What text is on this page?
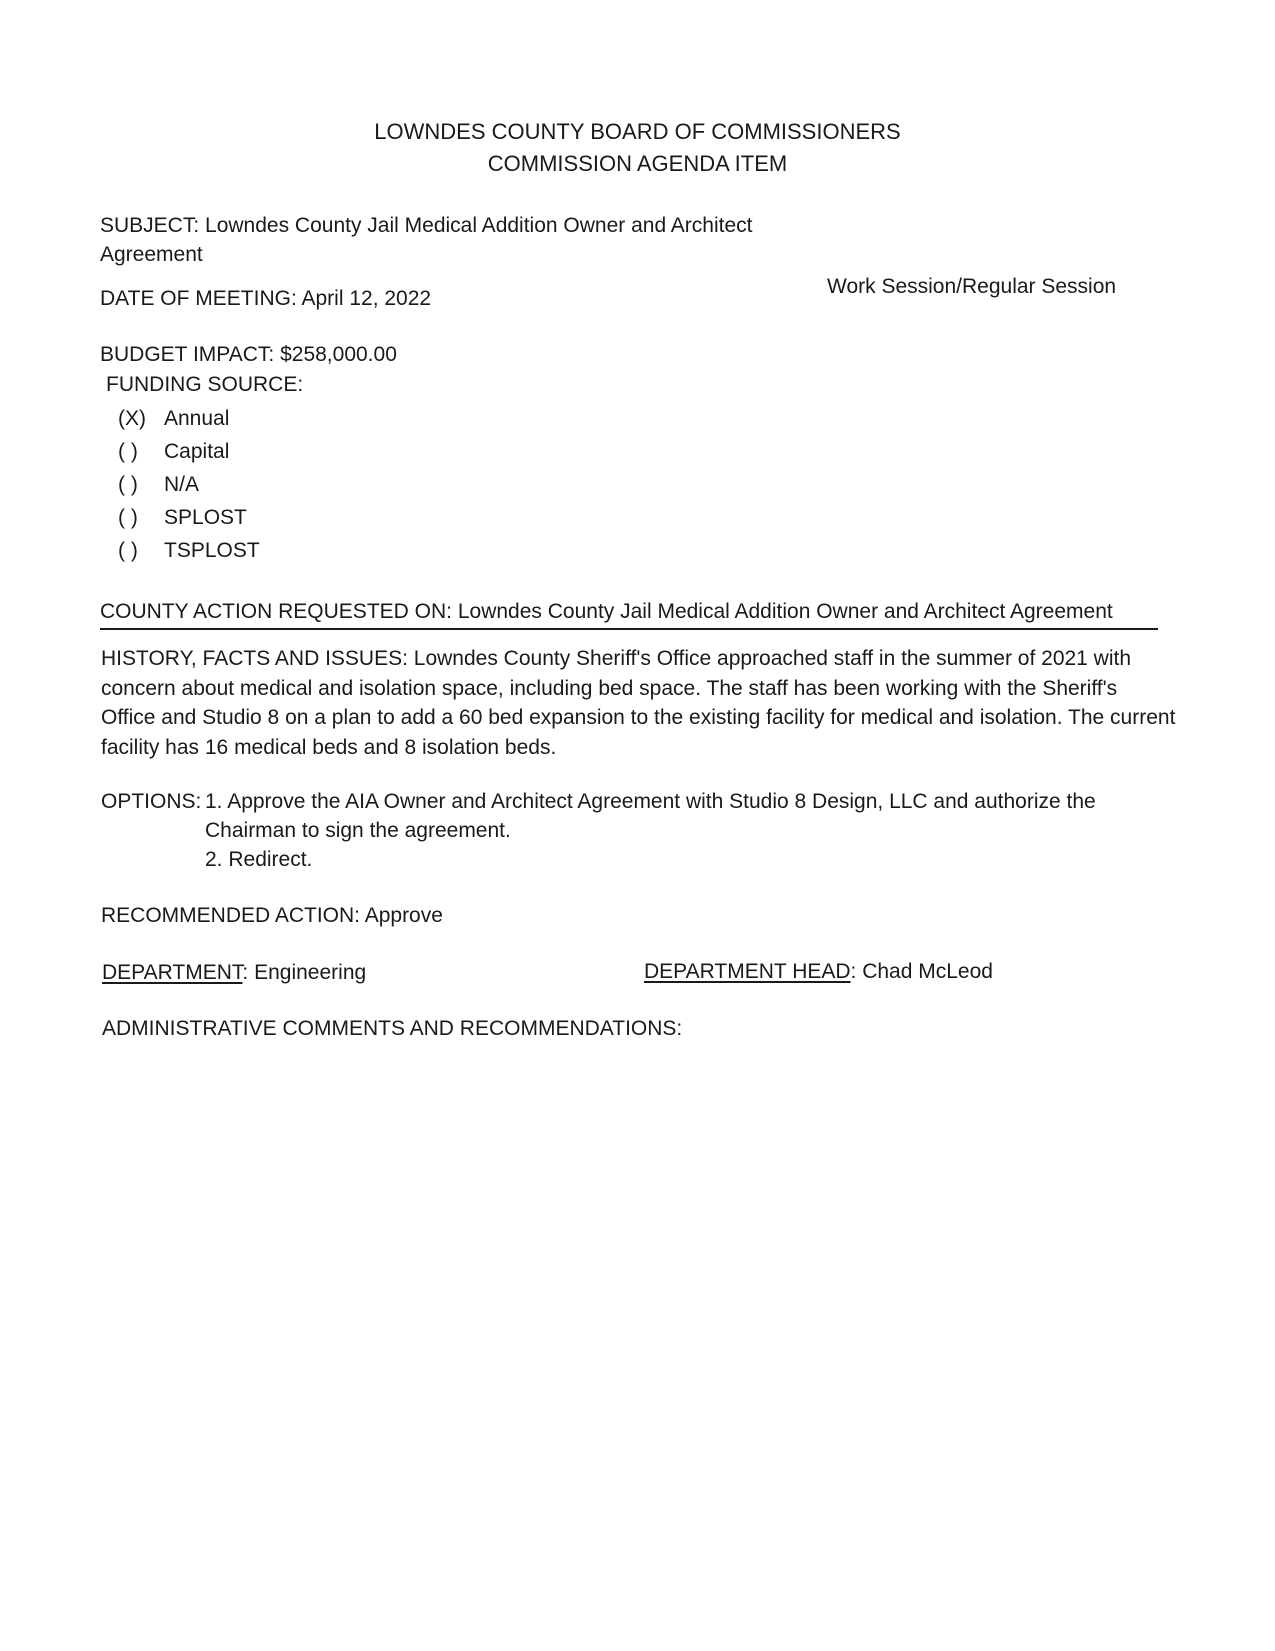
LOWNDES COUNTY BOARD OF COMMISSIONERS
COMMISSION AGENDA ITEM
SUBJECT: Lowndes County Jail Medical Addition Owner and Architect
Agreement
DATE OF MEETING: April 12, 2022
Work Session/Regular Session
BUDGET IMPACT: $258,000.00
FUNDING SOURCE:
(X) Annual
( ) Capital
( ) N/A
( ) SPLOST
( ) TSPLOST
COUNTY ACTION REQUESTED ON: Lowndes County Jail Medical Addition Owner and Architect Agreement
HISTORY, FACTS AND ISSUES: Lowndes County Sheriff's Office approached staff in the summer of 2021 with concern about medical and isolation space, including bed space. The staff has been working with the Sheriff's Office and Studio 8 on a plan to add a 60 bed expansion to the existing facility for medical and isolation. The current facility has 16 medical beds and 8 isolation beds.
OPTIONS: 1. Approve the AIA Owner and Architect Agreement with Studio 8 Design, LLC and authorize the
Chairman to sign the agreement.
2. Redirect.
RECOMMENDED ACTION: Approve
DEPARTMENT: Engineering	DEPARTMENT HEAD: Chad McLeod
ADMINISTRATIVE COMMENTS AND RECOMMENDATIONS:
